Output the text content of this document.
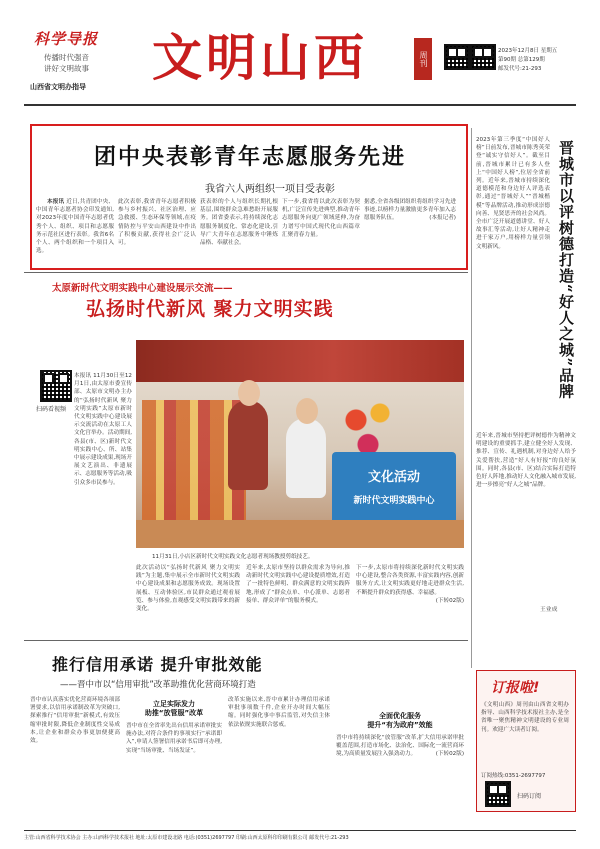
科学导报
传播时代强音
讲好文明故事
山西省文明办指导 文明山西	周刊	2023年12月8日 星期五
第90期 总第129期
邮发代号:21-293
团中央表彰青年志愿服务先进
我省六人两组织一项目受表彰

本报讯 近日,共青团中央、中国青年志愿者协会印发通知,对2023年度中国青年志愿者优秀个人、组织、项目和志愿服务示范社区进行表彰。我省6名个人、两个组织和一个项目入选。

此次表彰,我省青年志愿者积极参与乡村振兴、社区治理、应急救援、生态环保等领域,在疫情防控与平安山西建设中作出了积极贡献,获得社会广泛认可。
获表彰的个人与组织长期扎根基层,围绕群众急难愁盼开展服务。团省委表示,将持续深化志愿服务制度化、常态化建设,引导广大青年在志愿服务中锤炼品格、奉献社会。
下一步,我省将以此次表彰为契机,广泛宣传先进典型,推动青年志愿服务向更广领域延伸,为奋力谱写中国式现代化山西篇章汇聚青春力量。
据悉,全省各级团组织将组织学习先进事迹,以榜样力量激励更多青年加入志愿服务队伍。	(本报记者)
2023年第三季度“中国好人榜”日前发布,晋城市陈秀英荣登“诚实守信好人”。截至目前,晋城市累计已有多人登上“中国好人榜”,位居全省前列。近年来,晋城市持续深化道德模范和身边好人评选表彰,通过“晋城好人”“晋城楷模”等品牌活动,推动形成崇德向善、见贤思齐的社会风尚。全市广泛开展道德讲堂、好人故事汇等活动,让好人精神走进千家万户,用榜样力量引领文明新风。	晋城市以评树德打造“好人之城”品牌
近年来,晋城市坚持把评树德作为精神文明建设的重要抓手,建立健全好人发现、推荐、宣传、礼遇机制,对身边好人给予关爱帮扶,营造“好人有好报”的良好氛围。同时,各县(市、区)结合实际打造特色好人阵地,推动好人文化融入城市发展,进一步擦亮“好人之城”品牌。
王业成
太原新时代文明实践中心建设展示交流——
弘扬时代新风 聚力文明实践
扫码看视频
本报讯 11月30日至12月1日,由太原市委宣传部、太原市文明办主办的“弘扬时代新风 聚力文明实践”太原市新时代文明实践中心建设展示交流活动在太原工人文化宫举办。活动期间,各县(市、区)新时代文明实践中心、所、站集中展示建设成果,现场开展文艺演出、非遗展示、志愿服务等活动,吸引众多市民参与。	文化活动
新时代文明实践中心
11月31日,小店区新时代文明实践文化志愿者现场教授剪纸技艺。
此次活动以“弘扬时代新风 聚力文明实践”为主题,集中展示全市新时代文明实践中心建设成果和志愿服务成效。现场设置展板、互动体验区,市民群众通过观看展览、参与体验,直观感受文明实践带来的新变化。
近年来,太原市坚持以群众需求为导向,推动新时代文明实践中心建设提质增效,打造了一批特色鲜明、群众满意的文明实践阵地,形成了“群众点单、中心派单、志愿者接单、群众评单”的服务模式。
下一步,太原市将持续深化新时代文明实践中心建设,整合各类资源,丰富实践内容,创新服务方式,让文明实践更好地走进群众生活,不断提升群众的获得感、幸福感。
(下转02版)
订报啦!
《文明山西》周刊由山西省文明办指导、山西科学技术报社主办,是全省唯一聚焦精神文明建设的专业周刊。欢迎广大读者订阅。
订阅热线:0351-2697797
扫码订阅
推行信用承诺 提升审批效能
——晋中市以“信用审批”改革助推优化营商环境打造
晋中市认真落实优化营商环境各项部署要求,以信用承诺制改革为突破口,探索推行“信用审批”新模式,有效压缩审批时限,降低企业制度性交易成本,让企业和群众办事更加便捷高效。
立足实际发力
助推“放管服”改革
晋中市在全省率先出台信用承诺审批实施办法,对符合条件的事项实行“承诺即入”,申请人签署信用承诺书后即可办理,实现“当场审批、当场发证”。
改革实施以来,晋中市累计办理信用承诺审批事项数千件,企业开办时间大幅压缩。同时强化事中事后监管,对失信主体依法依规实施联合惩戒。
全面优化服务
提升“有为政府”效能
晋中市将持续深化“放管服”改革,扩大信用承诺审批覆盖范围,打造市场化、法治化、国际化一流营商环境,为高质量发展注入强劲动力。	(下转02版)
主管:山西省科学技术协会 主办:山西科学技术报社 地址:太原市建设北路 电话:(0351)2697797 印刷:山西太原科印印刷有限公司 邮发代号:21-293
